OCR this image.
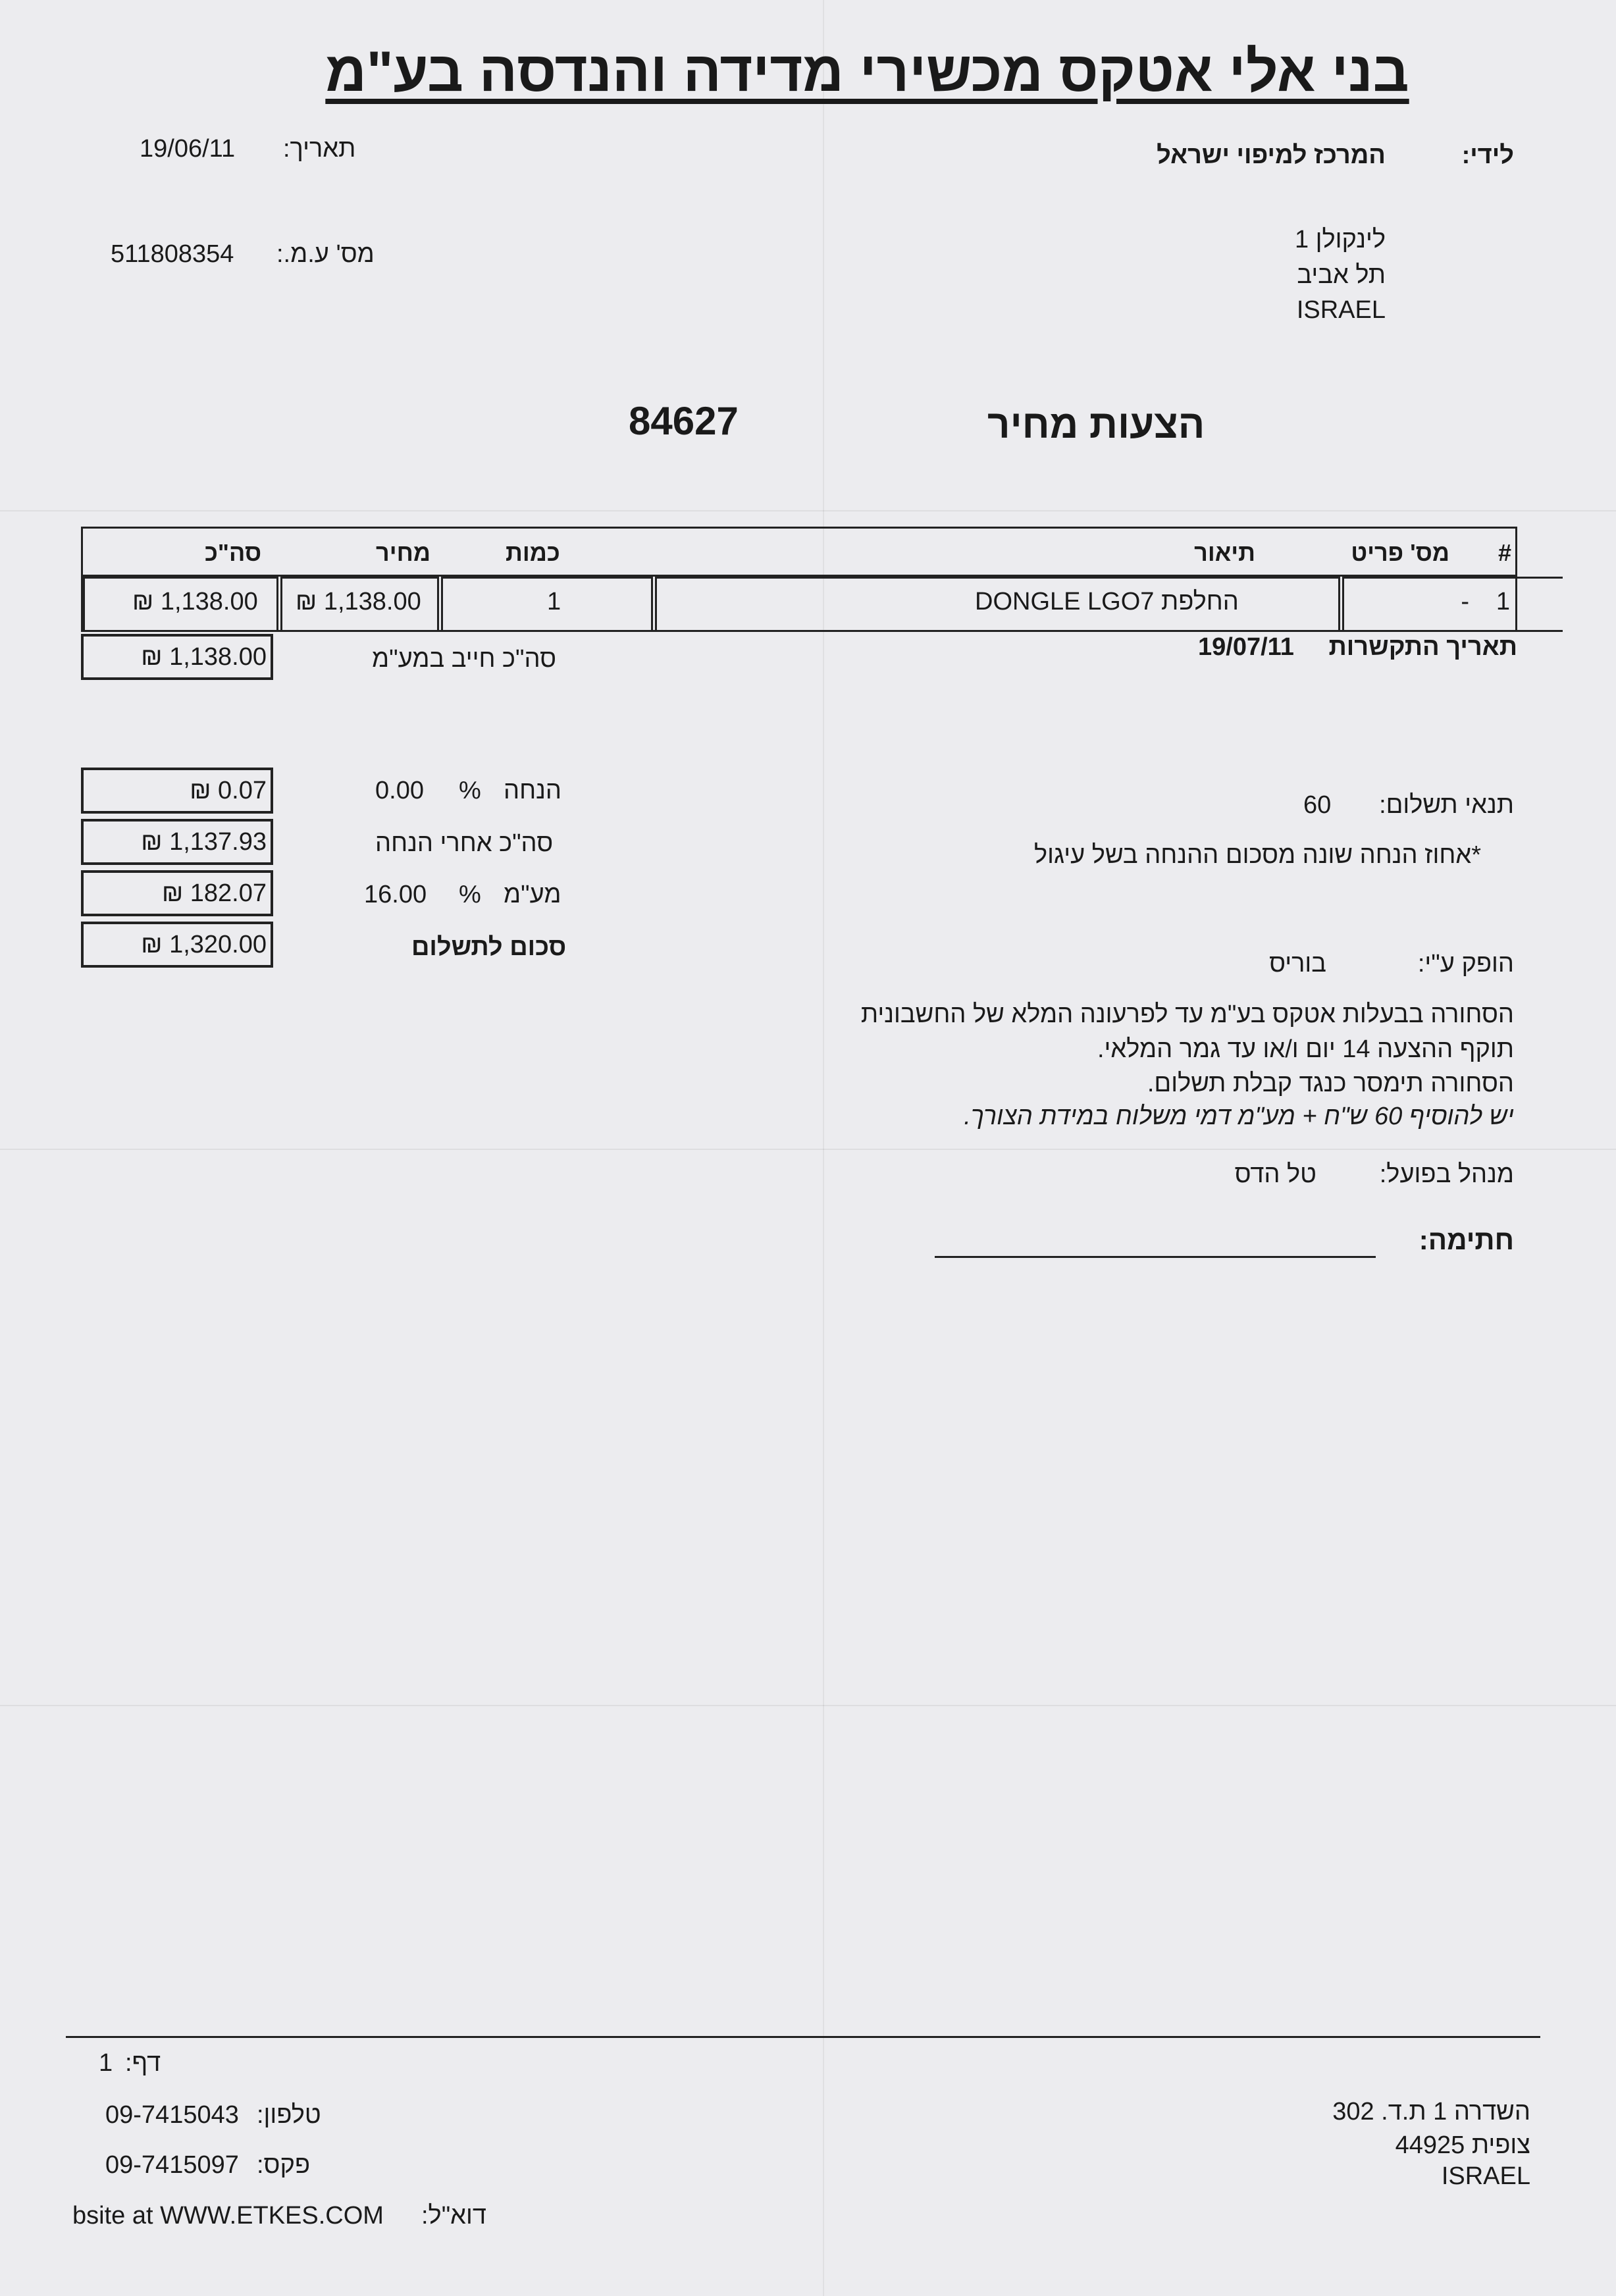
בני אלי אטקס מכשירי מדידה והנדסה בע"מ
לידי:
המרכז למיפוי ישראל
לינקולן 1
תל אביב
ISRAEL
תאריך:
19/06/11
מס' ע.מ.:
511808354
הצעות מחיר
84627
#
מס' פריט
תיאור
כמות
מחיר
סה"כ
1
-
החלפת DONGLE LGO7
1
₪ 1,138.00
₪ 1,138.00
תאריך התקשרות
19/07/11
סה"כ חייב במע"מ
₪ 1,138.00
הנחה
%
0.00
₪ 0.07
סה"כ אחרי הנחה
₪ 1,137.93
מע"מ
%
16.00
₪ 182.07
סכום לתשלום
₪ 1,320.00
תנאי תשלום:
60
*אחוז הנחה שונה מסכום ההנחה בשל עיגול
הופק ע"י:
בוריס
הסחורה בבעלות אטקס בע"מ עד לפרעונה המלא של החשבונית
תוקף ההצעה 14 יום ו/או עד גמר המלאי.
הסחורה תימסר כנגד קבלת תשלום.
יש להוסיף 60 ש"ח + מע"מ דמי משלוח במידת הצורך.
מנהל בפועל:
טל הדס
חתימה:
דף:
1
טלפון:
09-7415043
פקס:
09-7415097
דוא"ל:
bsite at WWW.ETKES.COM
השדרה 1 ת.ד. 302
צופית 44925
ISRAEL
